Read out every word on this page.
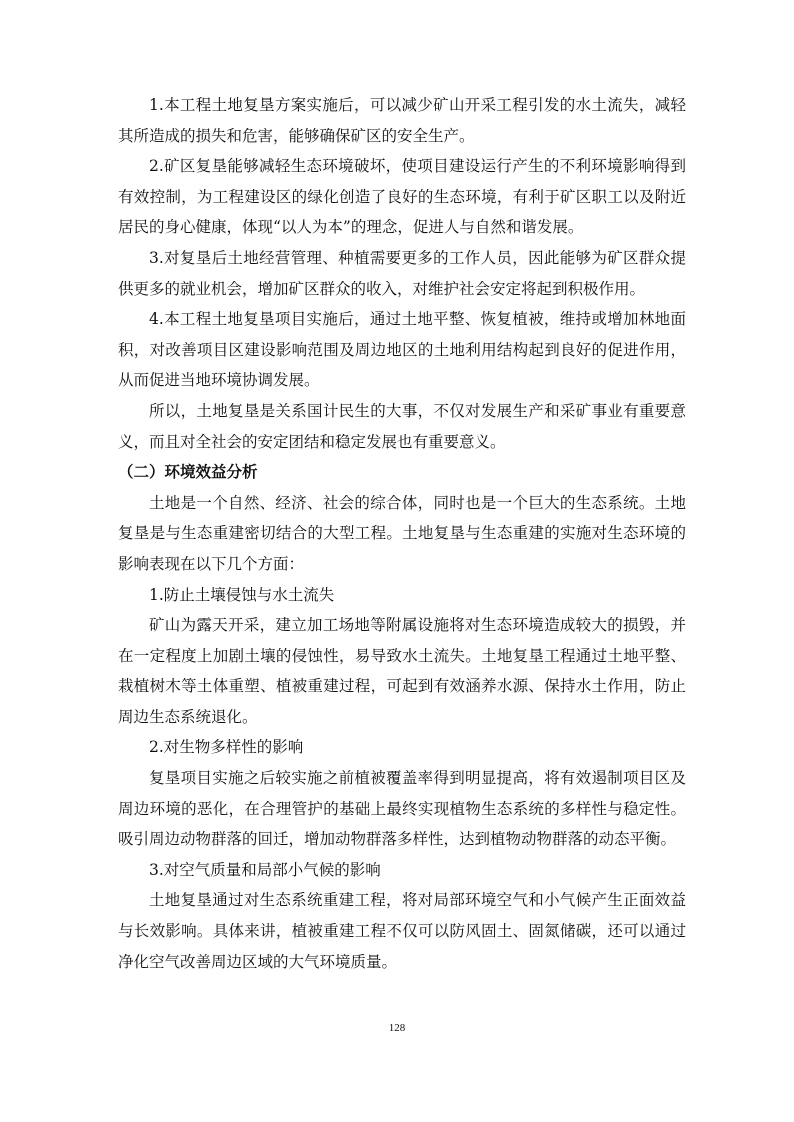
1.本工程土地复垦方案实施后，可以减少矿山开采工程引发的水土流失，减轻其所造成的损失和危害，能够确保矿区的安全生产。

2.矿区复垦能够减轻生态环境破坏，使项目建设运行产生的不利环境影响得到有效控制，为工程建设区的绿化创造了良好的生态环境，有利于矿区职工以及附近居民的身心健康，体现“以人为本”的理念，促进人与自然和谐发展。

3.对复垦后土地经营管理、种植需要更多的工作人员，因此能够为矿区群众提供更多的就业机会，增加矿区群众的收入，对维护社会安定将起到积极作用。

4.本工程土地复垦项目实施后，通过土地平整、恢复植被，维持或增加林地面积，对改善项目区建设影响范围及周边地区的土地利用结构起到良好的促进作用，从而促进当地环境协调发展。

所以，土地复垦是关系国计民生的大事，不仅对发展生产和采矿事业有重要意义，而且对全社会的安定团结和稳定发展也有重要意义。

（二）环境效益分析

土地是一个自然、经济、社会的综合体，同时也是一个巨大的生态系统。土地复垦是与生态重建密切结合的大型工程。土地复垦与生态重建的实施对生态环境的影响表现在以下几个方面：

1.防止土壤侵蚀与水土流失

矿山为露天开采，建立加工场地等附属设施将对生态环境造成较大的损毁，并在一定程度上加剧土壤的侵蚀性，易导致水土流失。土地复垦工程通过土地平整、栽植树木等土体重塑、植被重建过程，可起到有效涵养水源、保持水土作用，防止周边生态系统退化。

2.对生物多样性的影响

复垦项目实施之后较实施之前植被覆盖率得到明显提高，将有效遏制项目区及周边环境的恶化，在合理管护的基础上最终实现植物生态系统的多样性与稳定性。吸引周边动物群落的回迁，增加动物群落多样性，达到植物动物群落的动态平衡。

3.对空气质量和局部小气候的影响

土地复垦通过对生态系统重建工程，将对局部环境空气和小气候产生正面效益与长效影响。具体来讲，植被重建工程不仅可以防风固土、固氮储碳，还可以通过净化空气改善周边区域的大气环境质量。

128
